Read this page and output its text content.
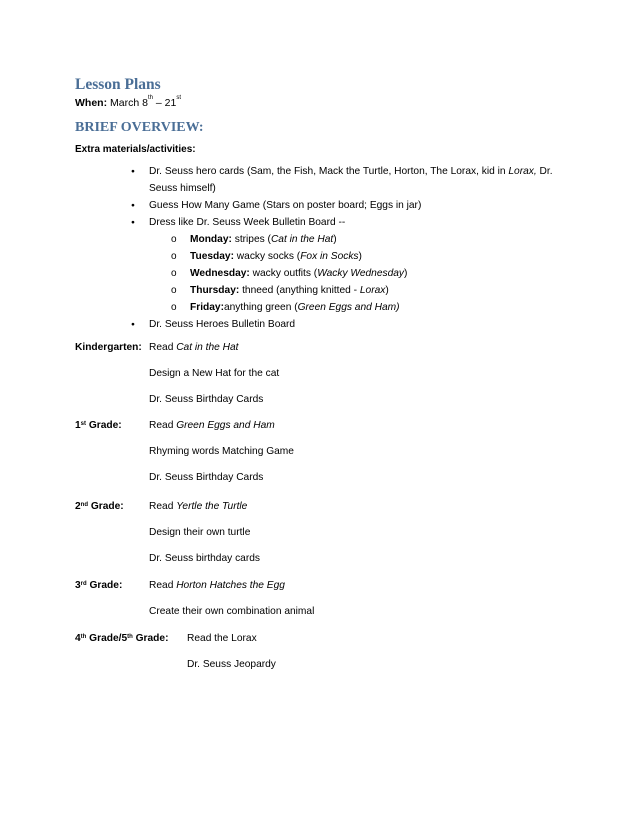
Lesson Plans
When: March 8th – 21st
BRIEF OVERVIEW:
Extra materials/activities:
● Dr. Seuss hero cards (Sam, the Fish, Mack the Turtle, Horton, The Lorax, kid in Lorax, Dr. Seuss himself)
● Guess How Many Game (Stars on poster board; Eggs in jar)
● Dress like Dr. Seuss Week Bulletin Board --
o Monday: stripes (Cat in the Hat)
o Tuesday: wacky socks (Fox in Socks)
o Wednesday: wacky outfits (Wacky Wednesday)
o Thursday: thneed (anything knitted - Lorax)
o Friday:anything green (Green Eggs and Ham)
● Dr. Seuss Heroes Bulletin Board
Kindergarten: Read Cat in the Hat
Design a New Hat for the cat
Dr. Seuss Birthday Cards
1st Grade:	Read Green Eggs and Ham
Rhyming words Matching Game
Dr. Seuss Birthday Cards
2nd Grade: Read Yertle the Turtle
Design their own turtle
Dr. Seuss birthday cards
3rd Grade:	Read Horton Hatches the Egg
Create their own combination animal
4th Grade/5th Grade: Read the Lorax
Dr. Seuss Jeopardy
